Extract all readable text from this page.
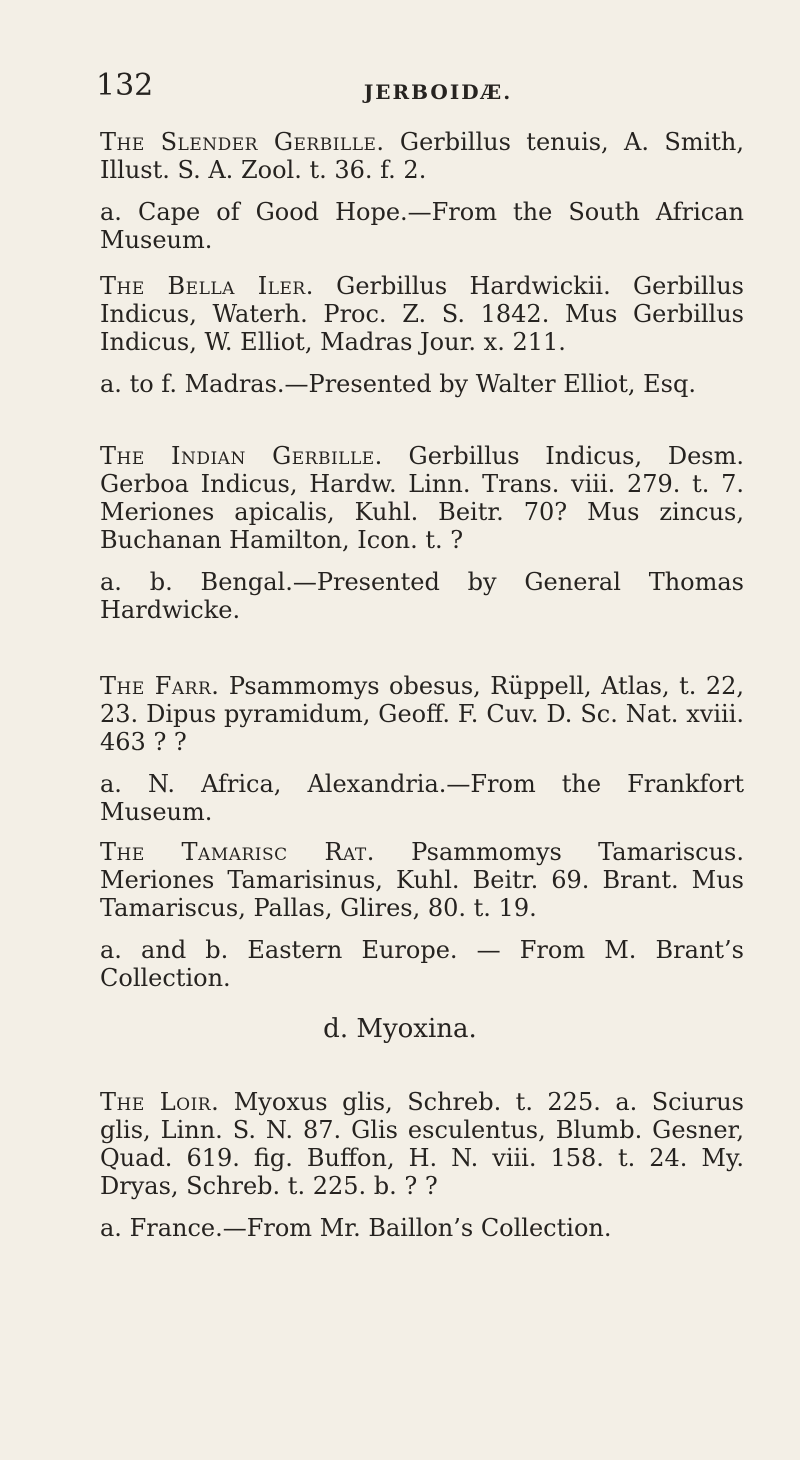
132	JERBOIDÆ.

The Slender Gerbille. Gerbillus tenuis, A. Smith, Illust. S. A. Zool. t. 36. f. 2.

a. Cape of Good Hope.—From the South African Museum.

The Bella Iler. Gerbillus Hardwickii. Gerbillus Indicus, Waterh. Proc. Z. S. 1842. Mus Gerbillus Indicus, W. Elliot, Madras Jour. x. 211.

a. to f. Madras.—Presented by Walter Elliot, Esq.

The Indian Gerbille. Gerbillus Indicus, Desm. Gerboa Indicus, Hardw. Linn. Trans. viii. 279. t. 7. Meriones apicalis, Kuhl. Beitr. 70? Mus zincus, Buchanan Hamilton, Icon. t. ?

a. b. Bengal.—Presented by General Thomas Hardwicke.

The Farr. Psammomys obesus, Rüppell, Atlas, t. 22, 23. Dipus pyramidum, Geoff. F. Cuv. D. Sc. Nat. xviii. 463 ? ?

a. N. Africa, Alexandria.—From the Frankfort Museum.

The Tamarisc Rat. Psammomys Tamariscus. Meriones Tamarisinus, Kuhl. Beitr. 69. Brant. Mus Tamariscus, Pallas, Glires, 80. t. 19.

a. and b. Eastern Europe. — From M. Brant’s Collection.

d. Myoxina.

The Loir. Myoxus glis, Schreb. t. 225. a. Sciurus glis, Linn. S. N. 87. Glis esculentus, Blumb. Gesner, Quad. 619. fig. Buffon, H. N. viii. 158. t. 24. My. Dryas, Schreb. t. 225. b. ? ?

a. France.—From Mr. Baillon’s Collection.
